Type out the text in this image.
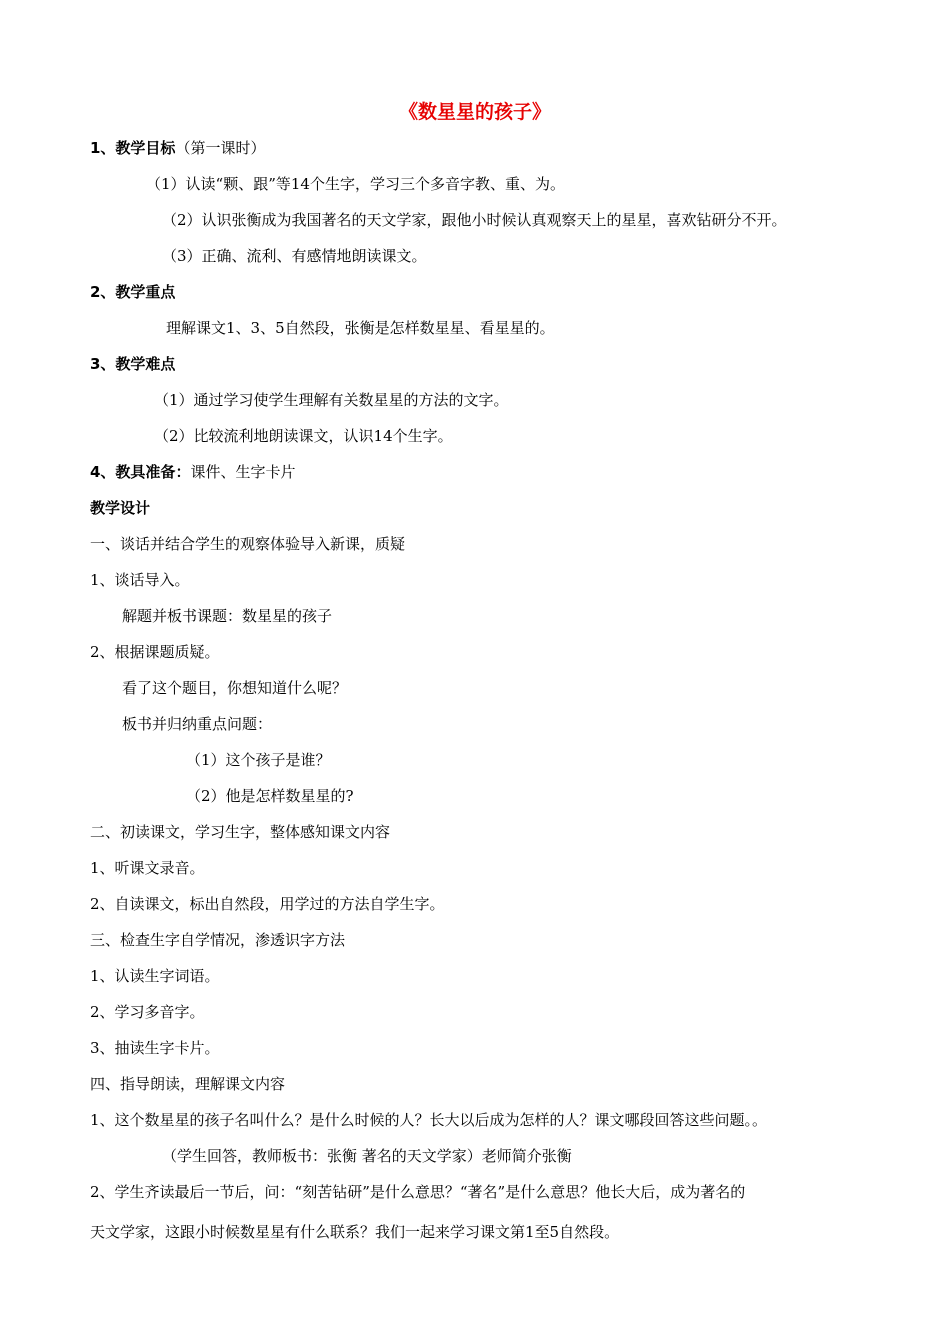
《数星星的孩子》
1、教学目标（第一课时）
（1）认读“颗、跟”等14个生字，学习三个多音字教、重、为。
（2）认识张衡成为我国著名的天文学家，跟他小时候认真观察天上的星星，喜欢钻研分不开。
（3）正确、流利、有感情地朗读课文。
2、教学重点
理解课文1、3、5自然段，张衡是怎样数星星、看星星的。
3、教学难点
（1）通过学习使学生理解有关数星星的方法的文字。
（2）比较流利地朗读课文，认识14个生字。
4、教具准备：课件、生字卡片
教学设计
一、谈话并结合学生的观察体验导入新课，质疑
1、谈话导入。
解题并板书课题：数星星的孩子
2、根据课题质疑。
看了这个题目，你想知道什么呢？
板书并归纳重点问题：
（1）这个孩子是谁？
（2）他是怎样数星星的?
二、初读课文，学习生字，整体感知课文内容
1、听课文录音。
2、自读课文，标出自然段，用学过的方法自学生字。
三、检查生字自学情况，渗透识字方法
1、认读生字词语。
2、学习多音字。
3、抽读生字卡片。
四、指导朗读，理解课文内容
1、这个数星星的孩子名叫什么？是什么时候的人？长大以后成为怎样的人？课文哪段回答这些问题。。
（学生回答，教师板书：张衡 著名的天文学家）老师简介张衡
2、学生齐读最后一节后，问：“刻苦钻研”是什么意思？“著名”是什么意思？他长大后，成为著名的
天文学家，这跟小时候数星星有什么联系？我们一起来学习课文第1至5自然段。
